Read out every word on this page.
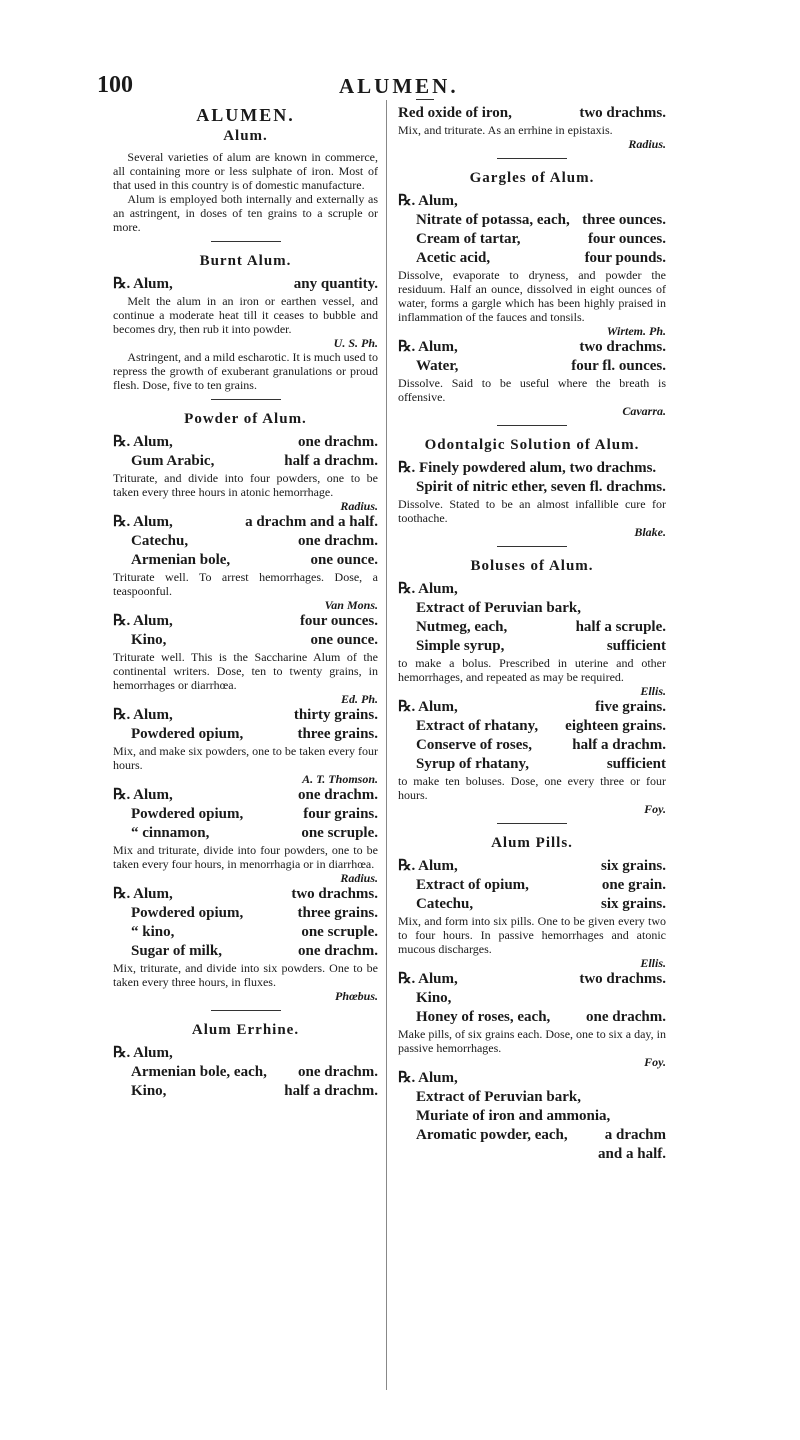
100	ALUMEN.

ALUMEN.

Alum.

Several varieties of alum are known in commerce, all containing more or less sulphate of iron. Most of that used in this country is of domestic manufacture.

Alum is employed both internally and externally as an astringent, in doses of ten grains to a scruple or more.

Burnt Alum.

℞. Alum,	any quantity.

Melt the alum in an iron or earthen vessel, and continue a moderate heat till it ceases to bubble and becomes dry, then rub it into powder.

U. S. Ph.

Astringent, and a mild escharotic. It is much used to repress the growth of exuberant granulations or proud flesh. Dose, five to ten grains.

Powder of Alum.

℞. Alum,	one drachm.
Gum Arabic,	half a drachm.

Triturate, and divide into four powders, one to be taken every three hours in atonic hemorrhage.

Radius.
℞. Alum,	a drachm and a half.
Catechu,	one drachm.
Armenian bole,	one ounce.

Triturate well. To arrest hemorrhages. Dose, a teaspoonful.

Van Mons.
℞. Alum,	four ounces.
Kino,	one ounce.

Triturate well. This is the Saccharine Alum of the continental writers. Dose, ten to twenty grains, in hemorrhages or diarrhœa.

Ed. Ph.
℞. Alum,	thirty grains.
Powdered opium,	three grains.

Mix, and make six powders, one to be taken every four hours.

A. T. Thomson.
℞. Alum,	one drachm.
Powdered opium,	four grains.
“ cinnamon,	one scruple.

Mix and triturate, divide into four powders, one to be taken every four hours, in menorrhagia or in diarrhœa.

Radius.
℞. Alum,	two drachms.
Powdered opium,	three grains.
“ kino,	one scruple.
Sugar of milk,	one drachm.

Mix, triturate, and divide into six powders. One to be taken every three hours, in fluxes.

Phœbus.

Alum Errhine.

℞. Alum,
Armenian bole, each, one drachm.
Kino,	half a drachm.
Red oxide of iron,	two drachms.

Mix, and triturate. As an errhine in epistaxis.

Radius.

Gargles of Alum.

℞. Alum,
Nitrate of potassa, each, three ounces.
Cream of tartar,	four ounces.
Acetic acid,	four pounds.

Dissolve, evaporate to dryness, and powder the residuum. Half an ounce, dissolved in eight ounces of water, forms a gargle which has been highly praised in inflammation of the fauces and tonsils.

Wirtem. Ph.
℞. Alum,	two drachms.
Water,	four fl. ounces.

Dissolve. Said to be useful where the breath is offensive.

Cavarra.

Odontalgic Solution of Alum.

℞. Finely powdered alum, two drachms.
Spirit of nitric ether, seven fl. drachms.

Dissolve. Stated to be an almost infallible cure for toothache.

Blake.

Boluses of Alum.

℞. Alum,
Extract of Peruvian bark,
Nutmeg, each,	half a scruple.
Simple syrup,	sufficient

to make a bolus. Prescribed in uterine and other hemorrhages, and repeated as may be required.

Ellis.
℞. Alum,	five grains.
Extract of rhatany, eighteen grains.
Conserve of roses,	half a drachm.
Syrup of rhatany,	sufficient

to make ten boluses. Dose, one every three or four hours.

Foy.

Alum Pills.

℞. Alum,	six grains.
Extract of opium,	one grain.
Catechu,	six grains.

Mix, and form into six pills. One to be given every two to four hours. In passive hemorrhages and atonic mucous discharges.

Ellis.
℞. Alum,	two drachms.
Kino,
Honey of roses, each, one drachm.

Make pills, of six grains each. Dose, one to six a day, in passive hemorrhages.

Foy.
℞. Alum,
Extract of Peruvian bark,
Muriate of iron and ammonia,
Aromatic powder, each, a drachm
and a half.
